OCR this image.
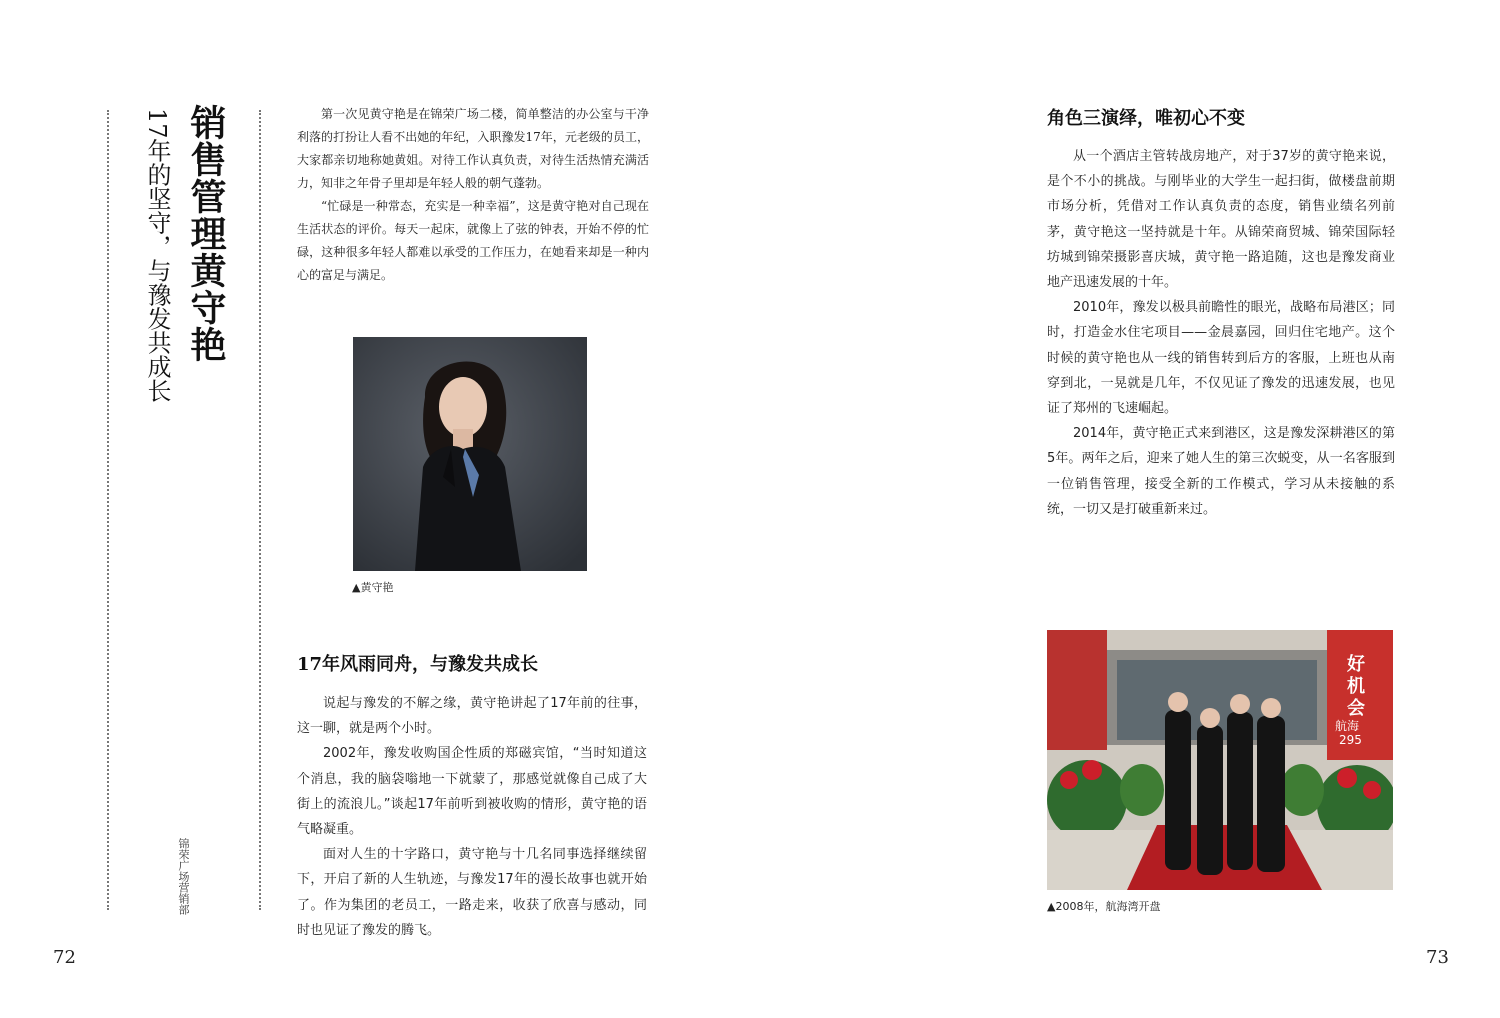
销售管理黄守艳
17年的坚守，与豫发共成长
锦荣广场营销部

第一次见黄守艳是在锦荣广场二楼，简单整洁的办公室与干净利落的打扮让人看不出她的年纪，入职豫发17年，元老级的员工，大家都亲切地称她黄姐。对待工作认真负责，对待生活热情充满活力，知非之年骨子里却是年轻人般的朝气蓬勃。

“忙碌是一种常态，充实是一种幸福”，这是黄守艳对自己现在生活状态的评价。每天一起床，就像上了弦的钟表，开始不停的忙碌，这种很多年轻人都难以承受的工作压力，在她看来却是一种内心的富足与满足。

▲黄守艳
17年风雨同舟，与豫发共成长

说起与豫发的不解之缘，黄守艳讲起了17年前的往事，这一聊，就是两个小时。

2002年，豫发收购国企性质的郑磁宾馆，“当时知道这个消息，我的脑袋嗡地一下就蒙了，那感觉就像自己成了大街上的流浪儿。”谈起17年前听到被收购的情形，黄守艳的语气略凝重。

面对人生的十字路口，黄守艳与十几名同事选择继续留下，开启了新的人生轨迹，与豫发17年的漫长故事也就开始了。作为集团的老员工，一路走来，收获了欣喜与感动，同时也见证了豫发的腾飞。

72
角色三演绎，唯初心不变

从一个酒店主管转战房地产，对于37岁的黄守艳来说，是个不小的挑战。与刚毕业的大学生一起扫街，做楼盘前期市场分析，凭借对工作认真负责的态度，销售业绩名列前茅，黄守艳这一坚持就是十年。从锦荣商贸城、锦荣国际轻坊城到锦荣摄影喜庆城，黄守艳一路追随，这也是豫发商业地产迅速发展的十年。

2010年，豫发以极具前瞻性的眼光，战略布局港区；同时，打造金水住宅项目——金晨嘉园，回归住宅地产。这个时候的黄守艳也从一线的销售转到后方的客服，上班也从南穿到北，一晃就是几年，不仅见证了豫发的迅速发展，也见证了郑州的飞速崛起。

2014年，黄守艳正式来到港区，这是豫发深耕港区的第5年。两年之后，迎来了她人生的第三次蜕变，从一名客服到一位销售管理，接受全新的工作模式，学习从未接触的系统，一切又是打破重新来过。

好
机
会
航海
295
▲2008年，航海湾开盘
73
